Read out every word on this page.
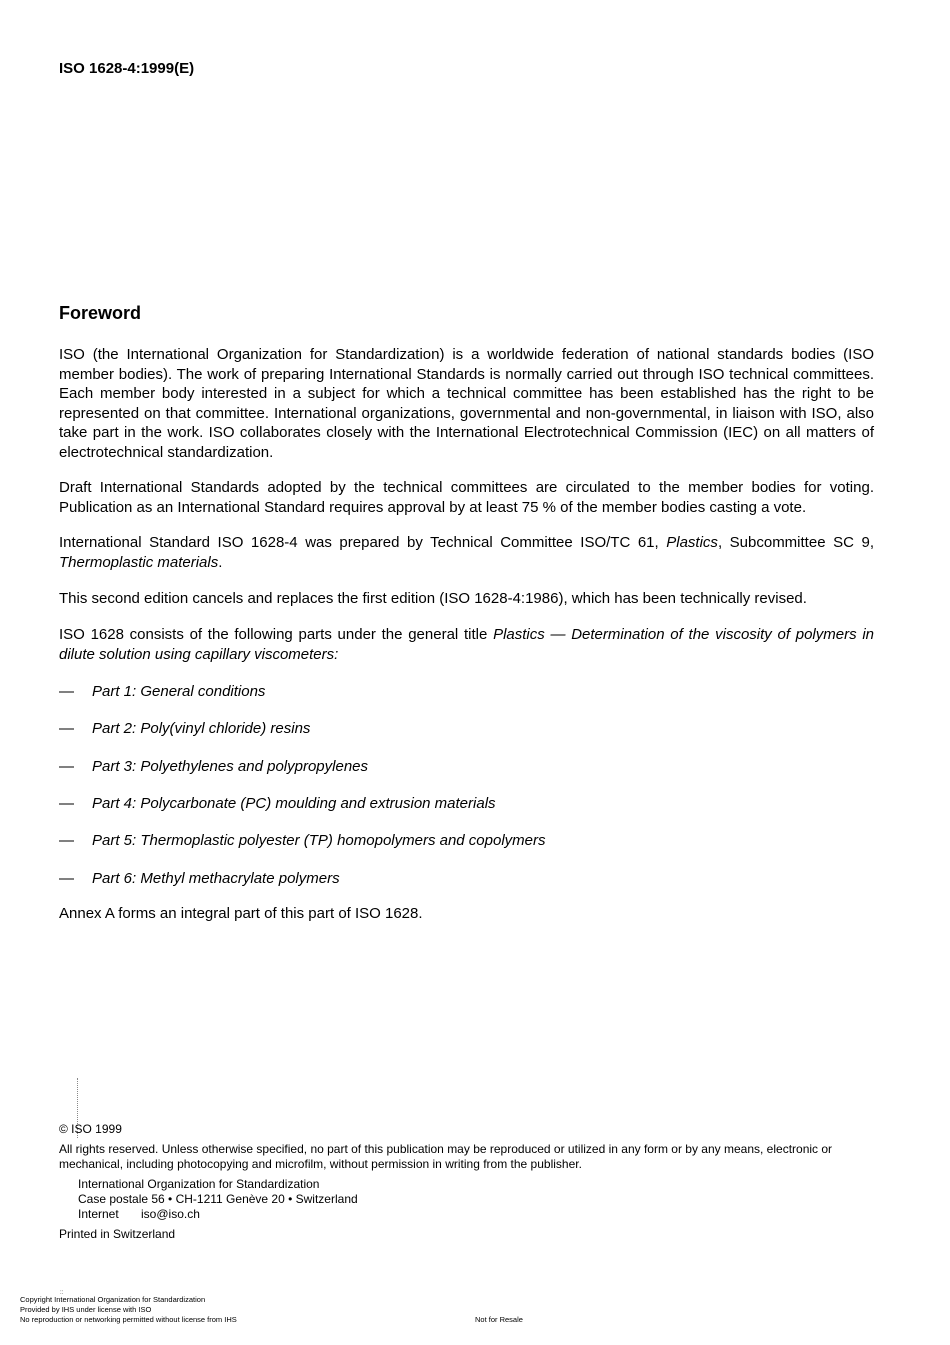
ISO 1628-4:1999(E)
Foreword

ISO (the International Organization for Standardization) is a worldwide federation of national standards bodies (ISO member bodies). The work of preparing International Standards is normally carried out through ISO technical committees. Each member body interested in a subject for which a technical committee has been established has the right to be represented on that committee. International organizations, governmental and non-governmental, in liaison with ISO, also take part in the work. ISO collaborates closely with the International Electrotechnical Commission (IEC) on all matters of electrotechnical standardization.

Draft International Standards adopted by the technical committees are circulated to the member bodies for voting. Publication as an International Standard requires approval by at least 75 % of the member bodies casting a vote.

International Standard ISO 1628-4 was prepared by Technical Committee ISO/TC 61, Plastics, Subcommittee SC 9, Thermoplastic materials.

This second edition cancels and replaces the first edition (ISO 1628-4:1986), which has been technically revised.

ISO 1628 consists of the following parts under the general title Plastics — Determination of the viscosity of polymers in dilute solution using capillary viscometers:

— Part 1: General conditions
— Part 2: Poly(vinyl chloride) resins
— Part 3: Polyethylenes and polypropylenes
— Part 4: Polycarbonate (PC) moulding and extrusion materials
— Part 5: Thermoplastic polyester (TP) homopolymers and copolymers
— Part 6: Methyl methacrylate polymers

Annex A forms an integral part of this part of ISO 1628.

© ISO 1999

All rights reserved. Unless otherwise specified, no part of this publication may be reproduced or utilized in any form or by any means, electronic or mechanical, including photocopying and microfilm, without permission in writing from the publisher.

International Organization for Standardization
Case postale 56 • CH-1211 Genève 20 • Switzerland
Internet iso@iso.ch
Printed in Switzerland
::
Copyright International Organization for Standardization
Provided by IHS under license with ISO
No reproduction or networking permitted without license from IHS	Not for Resale
